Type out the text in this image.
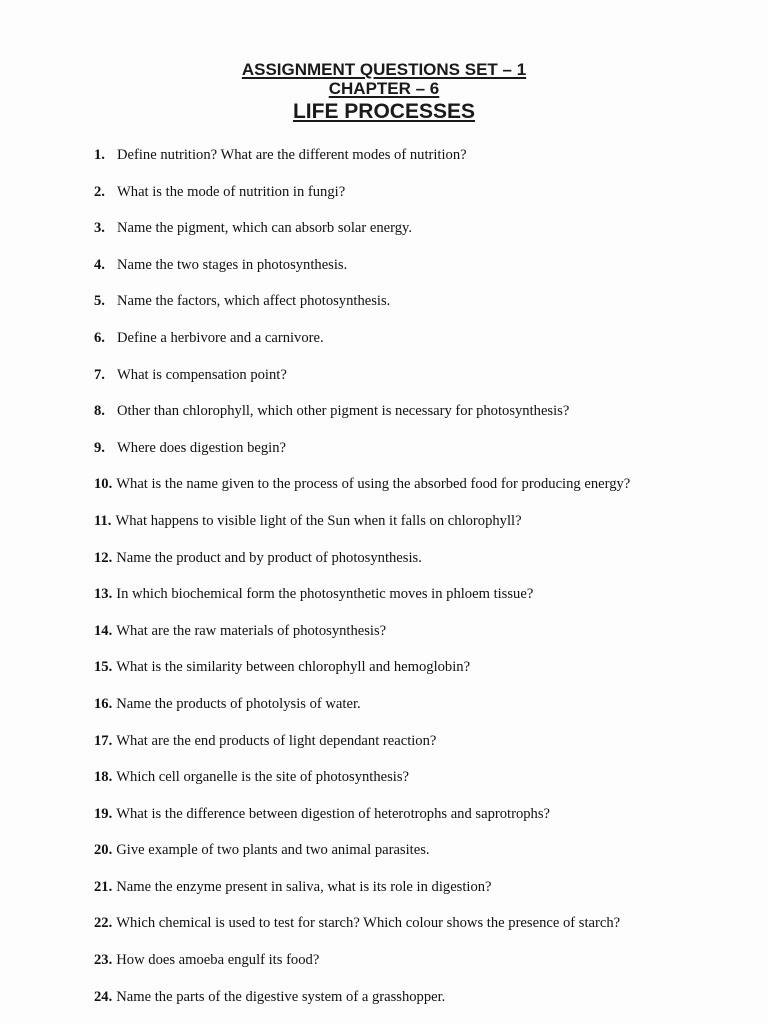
ASSIGNMENT QUESTIONS SET – 1
CHAPTER – 6
LIFE PROCESSES
1. Define nutrition? What are the different modes of nutrition?
2. What is the mode of nutrition in fungi?
3. Name the pigment, which can absorb solar energy.
4. Name the two stages in photosynthesis.
5. Name the factors, which affect photosynthesis.
6. Define a herbivore and a carnivore.
7. What is compensation point?
8. Other than chlorophyll, which other pigment is necessary for photosynthesis?
9. Where does digestion begin?
10. What is the name given to the process of using the absorbed food for producing energy?
11. What happens to visible light of the Sun when it falls on chlorophyll?
12. Name the product and by product of photosynthesis.
13. In which biochemical form the photosynthetic moves in phloem tissue?
14. What are the raw materials of photosynthesis?
15. What is the similarity between chlorophyll and hemoglobin?
16. Name the products of photolysis of water.
17. What are the end products of light dependant reaction?
18. Which cell organelle is the site of photosynthesis?
19. What is the difference between digestion of heterotrophs and saprotrophs?
20. Give example of two plants and two animal parasites.
21. Name the enzyme present in saliva, what is its role in digestion?
22. Which chemical is used to test for starch? Which colour shows the presence of starch?
23. How does amoeba engulf its food?
24. Name the parts of the digestive system of a grasshopper.
